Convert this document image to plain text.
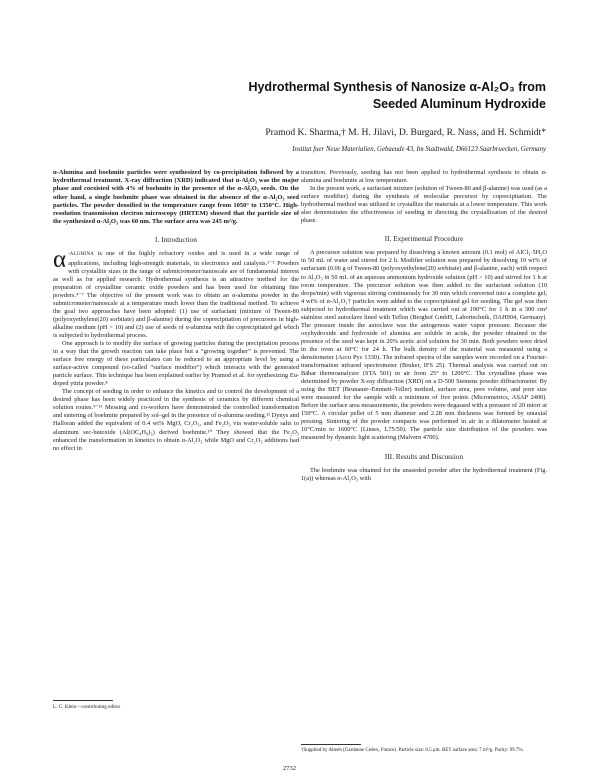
Hydrothermal Synthesis of Nanosize α-Al₂O₃ from
Seeded Aluminum Hydroxide
Pramod K. Sharma,† M. H. Jilavi, D. Burgard, R. Nass, and H. Schmidt*
Institut fuer Neue Materialien, Gebaeude 43, Im Stadtwald, D66123 Saarbruecken, Germany

α-Alumina and boehmite particles were synthesized by co-precipitation followed by a hydrothermal treatment. X-ray diffraction (XRD) indicated that α-Al₂O₃ was the major phase and coexisted with 4% of boehmite in the presence of the α-Al₂O₃ seeds. On the other hand, a single boehmite phase was obtained in the absence of the α-Al₂O₃ seed particles. The powder densified in the temperature range from 1050° to 1350°C. High-resolution transmission electron microscopy (HRTEM) showed that the particle size of the synthesized α-Al₂O₃ was 60 nm. The surface area was 245 m²/g.

I. Introduction

α -ALUMINA is one of the highly refractory oxides and is used in a wide range of applications, including high-strength materials, in electronics and catalysts.¹⁻³ Powders with crystallite sizes in the range of submicrometer/nanoscale are of fundamental interest as well as for applied research. Hydrothermal synthesis is an attractive method for the preparation of crystalline ceramic oxide powders and has been used for obtaining fine powders.⁴⁻⁷ The objective of the present work was to obtain an α-alumina powder in the submicrometer/nanoscale at a temperature much lower than the traditional method. To achieve the goal two approaches have been adopted: (1) use of surfactant (mixture of Tween-80 (polyoxyethylene(20) sorbitate) and β-alanine) during the coprecipitation of precursors in high-alkaline medium (pH > 10) and (2) use of seeds of α-alumina with the coprecipitated gel which is subjected to hydrothermal process.

One approach is to modify the surface of growing particles during the precipitation process in a way that the growth reaction can take place but a “growing together” is prevented. The surface free energy of these particulates can be reduced to an appropriate level by using a surface-active compound (so-called “surface modifier”) which interacts with the generated particle surface. This technique has been explained earlier by Pramod et al. for synthesizing Eu-doped yttria powder.⁸

The concept of seeding in order to enhance the kinetics and to control the development of a desired phase has been widely practiced in the synthesis of ceramics by different chemical solution routes.⁹⁻¹¹ Messing and co-workers have demonstrated the controlled transformation and sintering of boehmite prepared by sol–gel in the presence of α-alumina seeding.¹² Dynys and Halloran added the equivalent of 0.4 wt% MgO, Cr₂O₃, and Fe₂O₃ via water-soluble salts to aluminum sec-butoxide (Al(OC₄H₉)₃) derived boehmite.¹⁰ They showed that the Fe₂O₃ enhanced the transformation in kinetics to obtain α-Al₂O₃ while MgO and Cr₂O₃ additions had no effect in

transition. Previously, seeding has not been applied to hydrothermal synthesis to obtain α-alumina and boehmite at low temperature.

In the present work, a surfactant mixture (solution of Tween-80 and β-alanine) was used (as a surface modifier) during the synthesis of molecular precursor by coprecipitation. The hydrothermal method was utilized to crystallize the materials at a lower temperature. This work also demonstrates the effectiveness of seeding in directing the crystallization of the desired phase.

II. Experimental Procedure

A precursor solution was prepared by dissolving a known amount (0.1 mol) of AlCl₃·5H₂O in 50 mL of water and stirred for 2 h. Modifier solution was prepared by dissolving 10 wt% of surfactant (0.06 g of Tween-80 (polyoxyethylene(20) sorbitate) and β-alanine, each) with respect to Al₂O₃ in 50 mL of an aqueous ammonium hydroxide solution (pH > 10) and stirred for 1 h at room temperature. The precursor solution was then added to the surfactant solution (10 drops/min) with vigorous stirring continuously for 30 min which converted into a complete gel; 4 wt% of α-Al₂O₃† particles were added to the coprecipitated gel for seeding. The gel was then subjected to hydrothermal treatment which was carried out at 190°C for 1 h in a 300 cm³ stainless steel autoclave lined with Teflon (Berghof GmbH, Labortechnik, DAH904, Germany). The pressure inside the autoclave was the autogenous water vapor pressure. Because the oxyhydroxide and hydroxide of alumina are soluble in acids, the powder obtained in the presence of the seed was kept in 20% acetic acid solution for 30 min. Both powders were dried in the oven at 60°C for 24 h. The bulk density of the material was measured using a densitometer (Accu Pyc 1330). The infrared spectra of the samples were recorded on a Fourier-transformation infrared spectrometer (Bruker, IFS 25). Thermal analysis was carried out on Bähar thermoanalyzer (STA 501) in air from 25° to 1200°C. The crystalline phase was determined by powder X-ray diffraction (XRD) on a D-500 Siemens powder diffractometer. By using the BET (Brunauer–Emmett–Teller) method, surface area, pore volume, and pore size were measured for the sample with a minimum of five points (Micrometrics, ASAP 2400). Before the surface area measurements, the powders were degassed with a pressure of 20 mtorr at 150°C. A circular pellet of 5 mm diameter and 2.28 mm thickness was formed by uniaxial pressing. Sintering of the powder compacts was performed in air in a dilatometer heated at 10°C/min to 1600°C (Linses, L75/50). The particle size distribution of the powders was measured by dynamic light scattering (Malvern 4700).

III. Results and Discussion

The boehmite was obtained for the unseeded powder after the hydrothermal treatment (Fig. 1(a)) whereas α-Al₂O₃ with

L. C. Klein—contributing editor
†Supplied by Alteeh (Gardanne Cedex, France). Particle size: 0.5 μm. BET surface area: 7 m²/g. Purity: 99.7%.
2732
